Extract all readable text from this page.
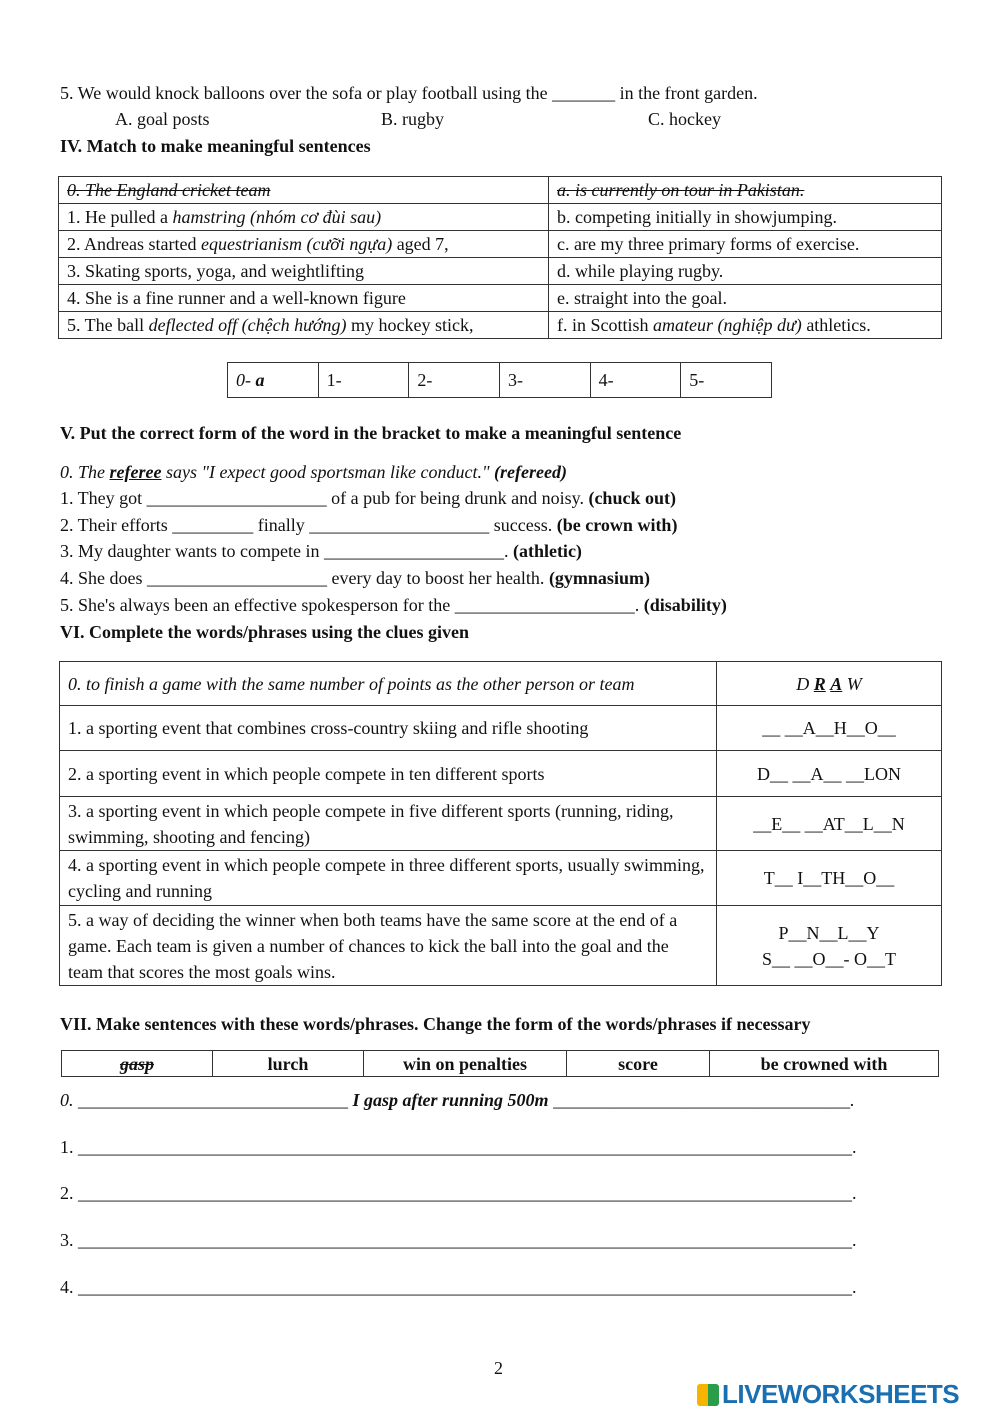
5. We would knock balloons over the sofa or play football using the _______ in the front garden.
A. goal posts	B. rugby	C. hockey
IV. Match to make meaningful sentences
0. The England cricket team	a. is currently on tour in Pakistan.
1. He pulled a hamstring (nhóm cơ đùi sau)	b. competing initially in showjumping.
2. Andreas started equestrianism (cưỡi ngựa) aged 7,	c. are my three primary forms of exercise.
3. Skating sports, yoga, and weightlifting	d. while playing rugby.
4. She is a fine runner and a well-known figure	e. straight into the goal.
5. The ball deflected off (chệch hướng) my hockey stick,	f. in Scottish amateur (nghiệp dư) athletics.
0- a	1-	2-	3-	4-	5-
V. Put the correct form of the word in the bracket to make a meaningful sentence
0. The referee says "I expect good sportsman like conduct." (refereed)
1. They got ____________________ of a pub for being drunk and noisy. (chuck out)
2. Their efforts _________ finally ____________________ success. (be crown with)
3. My daughter wants to compete in ____________________. (athletic)
4. She does ____________________ every day to boost her health. (gymnasium)
5. She's always been an effective spokesperson for the ____________________. (disability)
VI. Complete the words/phrases using the clues given
0. to finish a game with the same number of points as the other person or team	D R A W
1. a sporting event that combines cross-country skiing and rifle shooting	__ __A__H__O__
2. a sporting event in which people compete in ten different sports	D__ __A__ __LON
3. a sporting event in which people compete in five different sports (running, riding, swimming, shooting and fencing)	__E__ __AT__L__N
4. a sporting event in which people compete in three different sports, usually swimming, cycling and running	T__ I__TH__O__
5. a way of deciding the winner when both teams have the same score at the end of a game. Each team is given a number of chances to kick the ball into the goal and the team that scores the most goals wins.	P__N__L__Y
S__ __O__- O__T
VII. Make sentences with these words/phrases. Change the form of the words/phrases if necessary
gasp	lurch	win on penalties	score	be crowned with
0. ______________________________ I gasp after running 500m _________________________________.
1. ______________________________________________________________________________________.
2. ______________________________________________________________________________________.
3. ______________________________________________________________________________________.
4. ______________________________________________________________________________________.
2
LIVEWORKSHEETS
